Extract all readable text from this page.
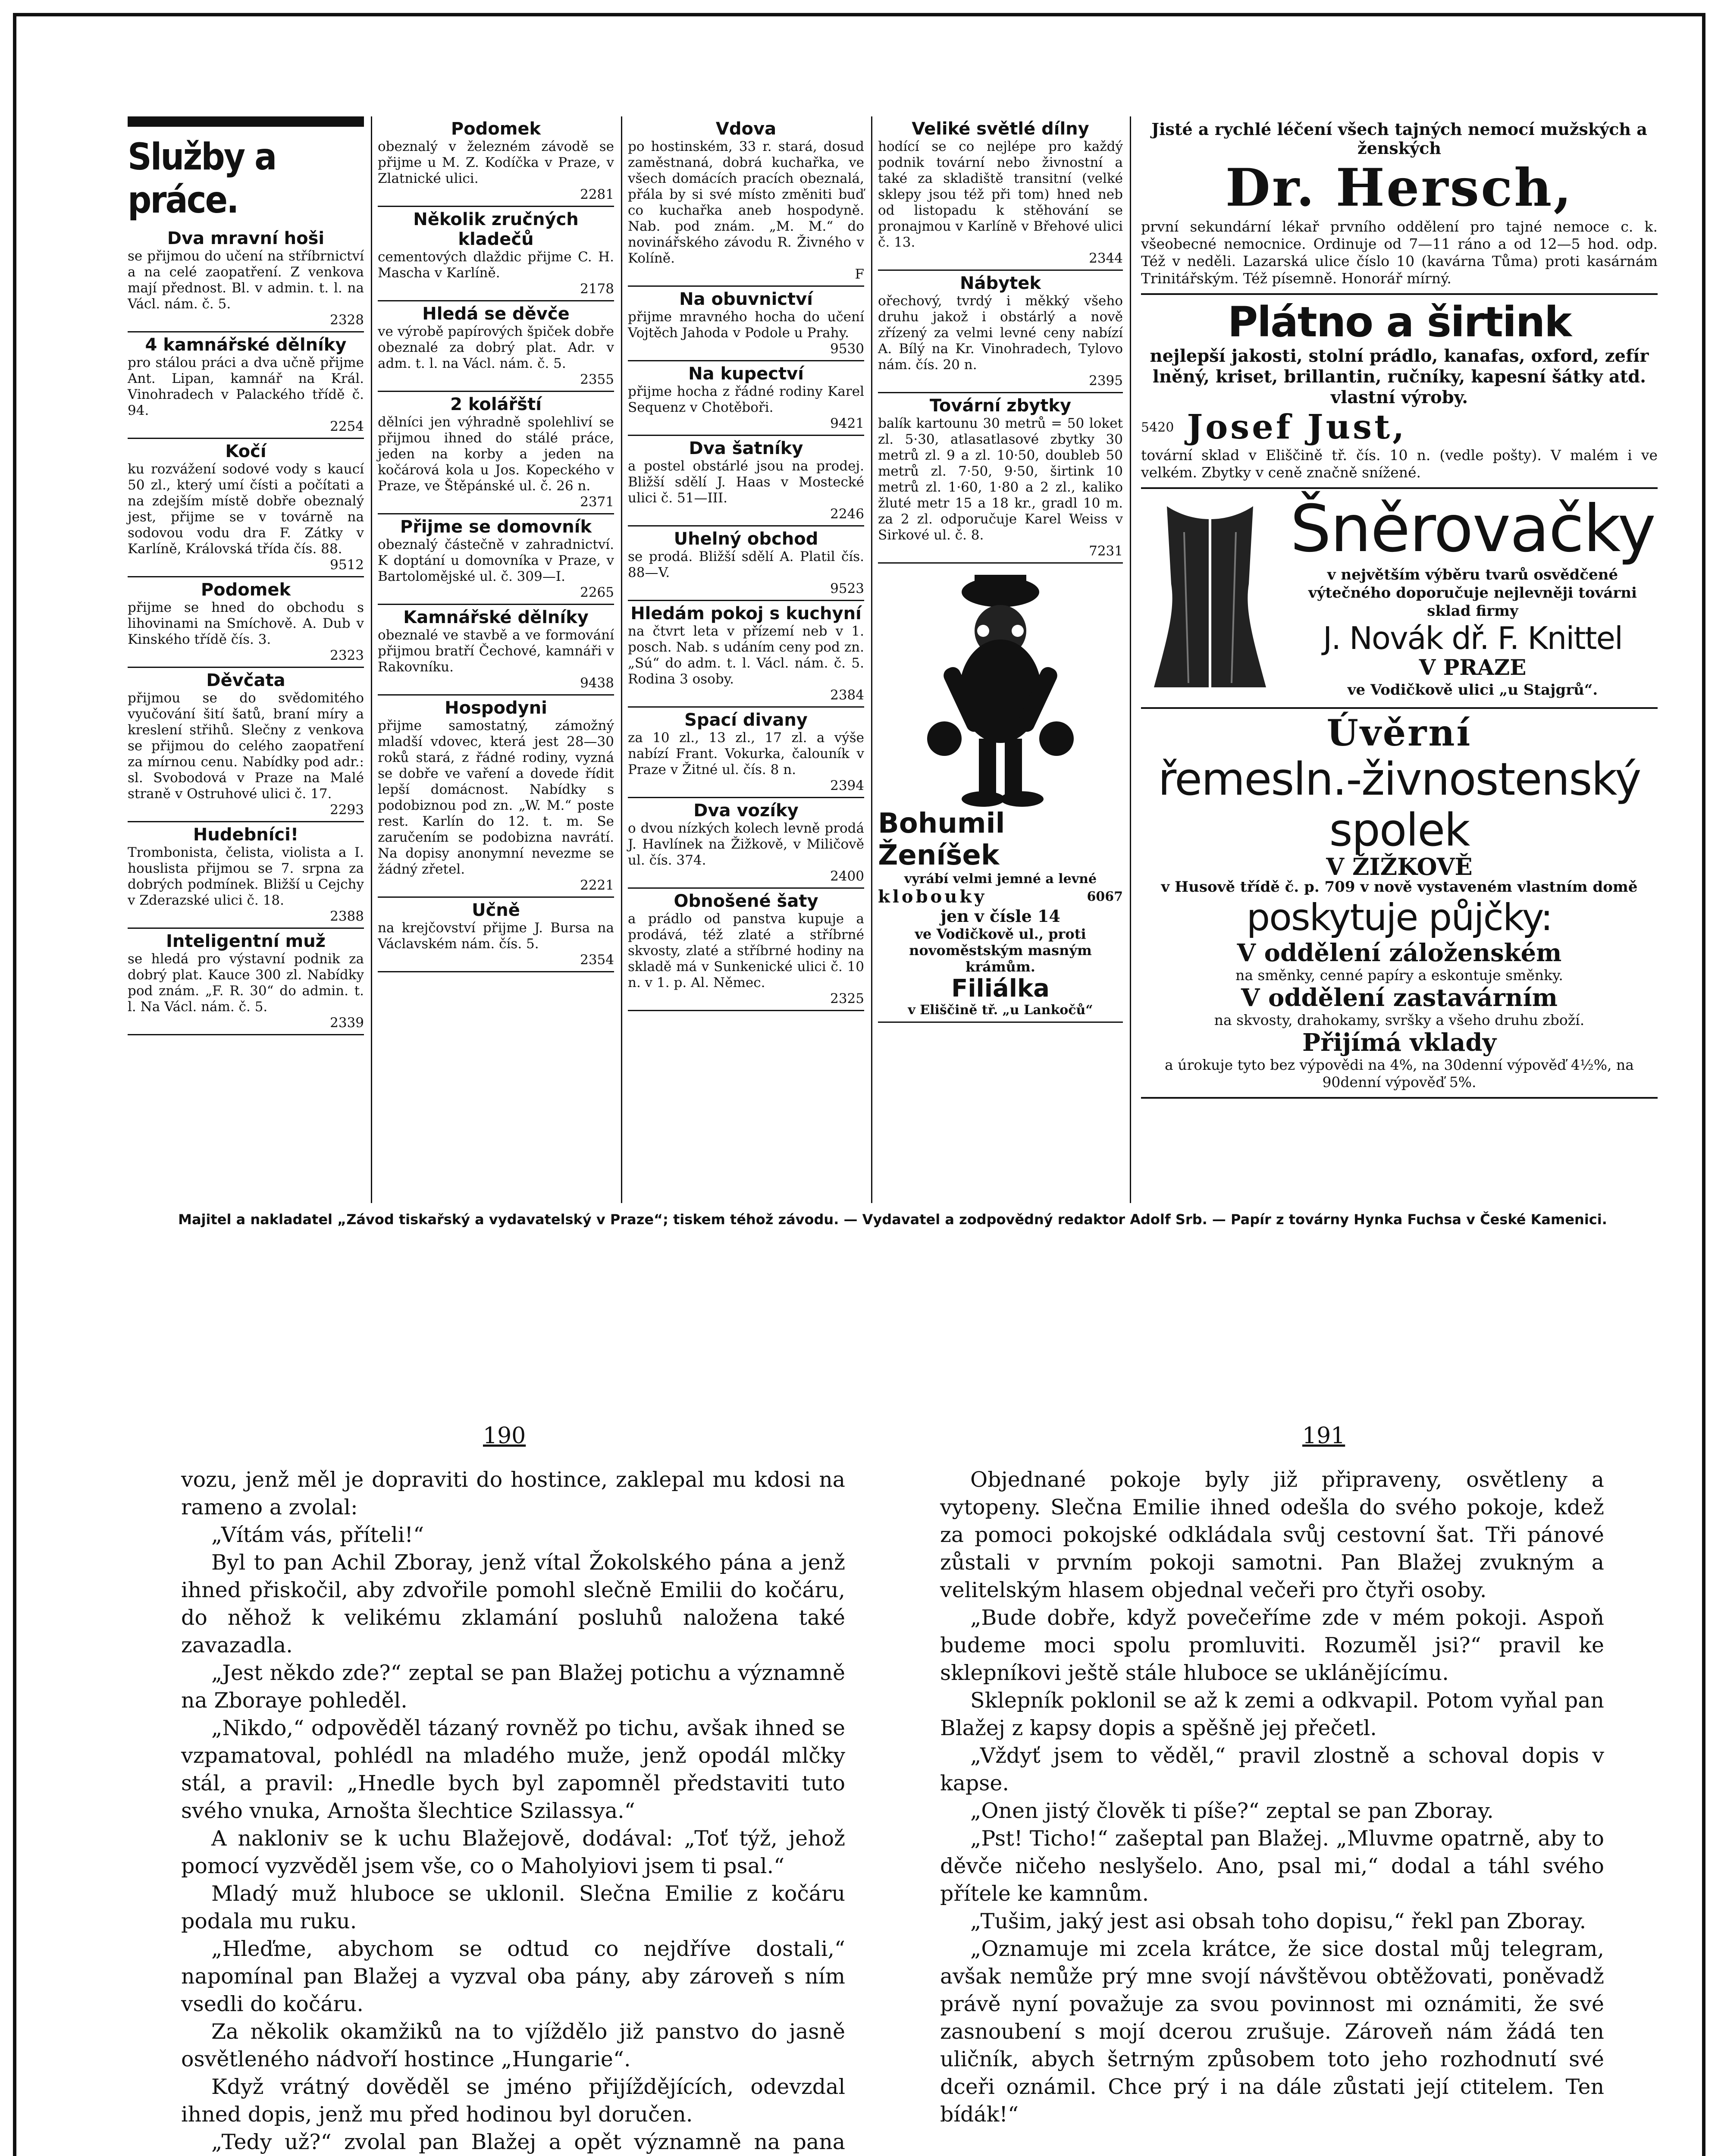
Služby a práce.
Dva mravní hoši

se přijmou do učení na stříbrnictví a na celé zaopatření. Z venkova mají přednost. Bl. v admin. t. l. na Václ. nám. č. 5.

2328
4 kamnářské dělníky

pro stálou práci a dva učně přijme Ant. Lipan, kamnář na Král. Vinohradech v Palackého třídě č. 94.

2254
Kočí

ku rozvážení sodové vody s kaucí 50 zl., který umí čísti a počítati a na zdejším místě dobře obeznalý jest, přijme se v továrně na sodovou vodu dra F. Zátky v Karlíně, Královská třída čís. 88.

9512
Podomek

přijme se hned do obchodu s lihovinami na Smíchově. A. Dub v Kinského třídě čís. 3.

2323
Děvčata

přijmou se do svědomitého vyučování šití šatů, braní míry a kreslení střihů. Slečny z venkova se přijmou do celého zaopatření za mírnou cenu. Nabídky pod adr.: sl. Svobodová v Praze na Malé straně v Ostruhové ulici č. 17.

2293
Hudebníci!

Trombonista, čelista, violista a I. houslista přijmou se 7. srpna za dobrých podmínek. Bližší u Cejchy v Zderazské ulici č. 18.

2388
Inteligentní muž

se hledá pro výstavní podnik za dobrý plat. Kauce 300 zl. Nabídky pod znám. „F. R. 30“ do admin. t. l. Na Václ. nám. č. 5.

2339
Podomek

obeznalý v železném závodě se přijme u M. Z. Kodíčka v Praze, v Zlatnické ulici.

2281
Několik zručných kladečů

cementových dlaždic přijme C. H. Mascha v Karlíně.

2178
Hledá se děvče

ve výrobě papírových špiček dobře obeznalé za dobrý plat. Adr. v adm. t. l. na Václ. nám. č. 5.

2355
2 kolářští

dělníci jen výhradně spolehliví se přijmou ihned do stálé práce, jeden na korby a jeden na kočárová kola u Jos. Kopeckého v Praze, ve Štěpánské ul. č. 26 n.

2371
Přijme se domovník

obeznalý částečně v zahradnictví. K doptání u domovníka v Praze, v Bartolomějské ul. č. 309—I.

2265
Kamnářské dělníky

obeznalé ve stavbě a ve formování přijmou bratří Čechové, kamnáři v Rakovníku.

9438
Hospodyni

přijme samostatný, zámožný mladší vdovec, která jest 28—30 roků stará, z řádné rodiny, vyzná se dobře ve vaření a dovede řídit lepší domácnost. Nabídky s podobiznou pod zn. „W. M.“ poste rest. Karlín do 12. t. m. Se zaručením se podobizna navrátí. Na dopisy anonymní nevezme se žádný zřetel.

2221
Učně

na krejčovství přijme J. Bursa na Václavském nám. čís. 5.

2354
Vdova

po hostinském, 33 r. stará, dosud zaměstnaná, dobrá kuchařka, ve všech domácích pracích obeznalá, přála by si své místo změniti buď co kuchařka aneb hospodyně. Nab. pod znám. „M. M.“ do novinářského závodu R. Živného v Kolíně.

F
Na obuvnictví

přijme mravného hocha do učení Vojtěch Jahoda v Podole u Prahy.

9530
Na kupectví

přijme hocha z řádné rodiny Karel Sequenz v Chotěboři.

9421
Dva šatníky

a postel obstárlé jsou na prodej. Bližší sdělí J. Haas v Mostecké ulici č. 51—III.

2246
Uhelný obchod

se prodá. Bližší sdělí A. Platil čís. 88—V.

9523
Hledám pokoj s kuchyní

na čtvrt leta v přízemí neb v 1. posch. Nab. s udáním ceny pod zn. „Sú“ do adm. t. l. Václ. nám. č. 5. Rodina 3 osoby.

2384
Spací divany

za 10 zl., 13 zl., 17 zl. a výše nabízí Frant. Vokurka, čalouník v Praze v Žitné ul. čís. 8 n.

2394
Dva vozíky

o dvou nízkých kolech levně prodá J. Havlínek na Žižkově, v Miličově ul. čís. 374.

2400
Obnošené šaty

a prádlo od panstva kupuje a prodává, též zlaté a stříbrné skvosty, zlaté a stříbrné hodiny na skladě má v Sunkenické ulici č. 10 n. v 1. p. Al. Němec.

2325
Veliké světlé dílny

hodící se co nejlépe pro každý podnik tovární nebo živnostní a také za skladiště transitní (velké sklepy jsou též při tom) hned neb od listopadu k stěhování se pronajmou v Karlíně v Břehové ulici č. 13.

2344
Nábytek

ořechový, tvrdý i měkký všeho druhu jakož i obstárlý a nově zřízený za velmi levné ceny nabízí A. Bílý na Kr. Vinohradech, Tylovo nám. čís. 20 n.

2395
Tovární zbytky

balík kartounu 30 metrů = 50 loket zl. 5·30, atlasatlasové zbytky 30 metrů zl. 9 a zl. 10·50, doubleb 50 metrů zl. 7·50, 9·50, širtink 10 metrů zl. 1·60, 1·80 a 2 zl., kaliko žluté metr 15 a 18 kr., gradl 10 m. za 2 zl. odporučuje Karel Weiss v Sirkové ul. č. 8.

7231
Bohumil Ženíšek
vyrábí velmi jemné a levné
klobouky	6067
jen v čísle 14
ve Vodičkově ul., proti
novoměstským masným krámům.
Filiálka
v Eliščině tř. „u Lankočů“
Jisté a rychlé léčení všech tajných nemocí mužských a ženských
Dr. Hersch,
první sekundární lékař prvního oddělení pro tajné nemoce c. k. všeobecné nemocnice. Ordinuje od 7—11 ráno a od 12—5 hod. odp. Též v neděli. Lazarská ulice číslo 10 (kavárna Tůma) proti kasárnám Trinitářským. Též písemně. Honorář mírný.
Plátno a širtink
nejlepší jakosti, stolní prádlo, kanafas, oxford, zefír lněný, kriset, brillantin, ručníky, kapesní šátky atd. vlastní výroby.
5420 Josef Just,
tovární sklad v Eliščině tř. čís. 10 n. (vedle pošty). V malém i ve velkém. Zbytky v ceně značně snížené.
Šněrovačky
v největším výběru tvarů osvědčené výtečného doporučuje nejlevněji továrni sklad firmy
J. Novák dř. F. Knittel
V PRAZE
ve Vodičkově ulici „u Stajgrů“.
Úvěrní
řemesln.-živnostenský spolek
V ŽIŽKOVĚ
v Husově třídě č. p. 709 v nově vystaveném vlastním domě
poskytuje půjčky:
V oddělení záloženském
na směnky, cenné papíry a eskontuje směnky.
V oddělení zastavárním
na skvosty, drahokamy, svršky a všeho druhu zboží.
Přijímá vklady
a úrokuje tyto bez výpovědi na 4%, na 30denní výpověď 4½%, na 90denní výpověď 5%.
Majitel a nakladatel „Závod tiskařský a vydavatelský v Praze“; tiskem téhož závodu. — Vydavatel a zodpovědný redaktor Adolf Srb. — Papír z továrny Hynka Fuchsa v České Kamenici.
190	191

vozu, jenž měl je dopraviti do hostince, zaklepal mu kdosi na rameno a zvolal:

„Vítám vás, příteli!“

Byl to pan Achil Zboray, jenž vítal Žokolského pána a jenž ihned přiskočil, aby zdvořile pomohl slečně Emilii do kočáru, do něhož k velikému zklamání posluhů naložena také zavazadla.

„Jest někdo zde?“ zeptal se pan Blažej potichu a významně na Zboraye pohleděl.

„Nikdo,“ odpověděl tázaný rovněž po tichu, avšak ihned se vzpamatoval, pohlédl na mladého muže, jenž opodál mlčky stál, a pravil: „Hnedle bych byl zapomněl představiti tuto svého vnuka, Arnošta šlechtice Szilassya.“

A nakloniv se k uchu Blažejově, dodával: „Toť týž, jehož pomocí vyzvěděl jsem vše, co o Maholyiovi jsem ti psal.“

Mladý muž hluboce se uklonil. Slečna Emilie z kočáru podala mu ruku.

„Hleďme, abychom se odtud co nejdříve dostali,“ napomínal pan Blažej a vyzval oba pány, aby zároveň s ním vsedli do kočáru.

Za několik okamžiků na to vjíždělo již panstvo do jasně osvětleného nádvoří hostince „Hungarie“.

Když vrátný dověděl se jméno přijíždějících, odevzdal ihned dopis, jenž mu před hodinou byl doručen.

„Tedy už?“ zvolal pan Blažej a opět významně na pana

Objednané pokoje byly již připraveny, osvětleny a vytopeny. Slečna Emilie ihned odešla do svého pokoje, kdež za pomoci pokojské odkládala svůj cestovní šat. Tři pánové zůstali v prvním pokoji samotni. Pan Blažej zvukným a velitelským hlasem objednal večeři pro čtyři osoby.

„Bude dobře, když povečeříme zde v mém pokoji. Aspoň budeme moci spolu promluviti. Rozuměl jsi?“ pravil ke sklepníkovi ještě stále hluboce se uklánějícímu.

Sklepník poklonil se až k zemi a odkvapil. Potom vyňal pan Blažej z kapsy dopis a spěšně jej přečetl.

„Vždyť jsem to věděl,“ pravil zlostně a schoval dopis v kapse.

„Onen jistý člověk ti píše?“ zeptal se pan Zboray.

„Pst! Ticho!“ zašeptal pan Blažej. „Mluvme opatrně, aby to děvče ničeho neslyšelo. Ano, psal mi,“ dodal a táhl svého přítele ke kamnům.

„Tušim, jaký jest asi obsah toho dopisu,“ řekl pan Zboray.

„Oznamuje mi zcela krátce, že sice dostal můj telegram, avšak nemůže prý mne svojí návštěvou obtěžovati, poněvadž právě nyní považuje za svou povinnost mi oznámiti, že své zasnoubení s mojí dcerou zrušuje. Zároveň nám žádá ten uličník, abych šetrným způsobem toto jeho rozhodnutí své dceři oznámil. Chce prý i na dále zůstati její ctitelem. Ten bídák!“
